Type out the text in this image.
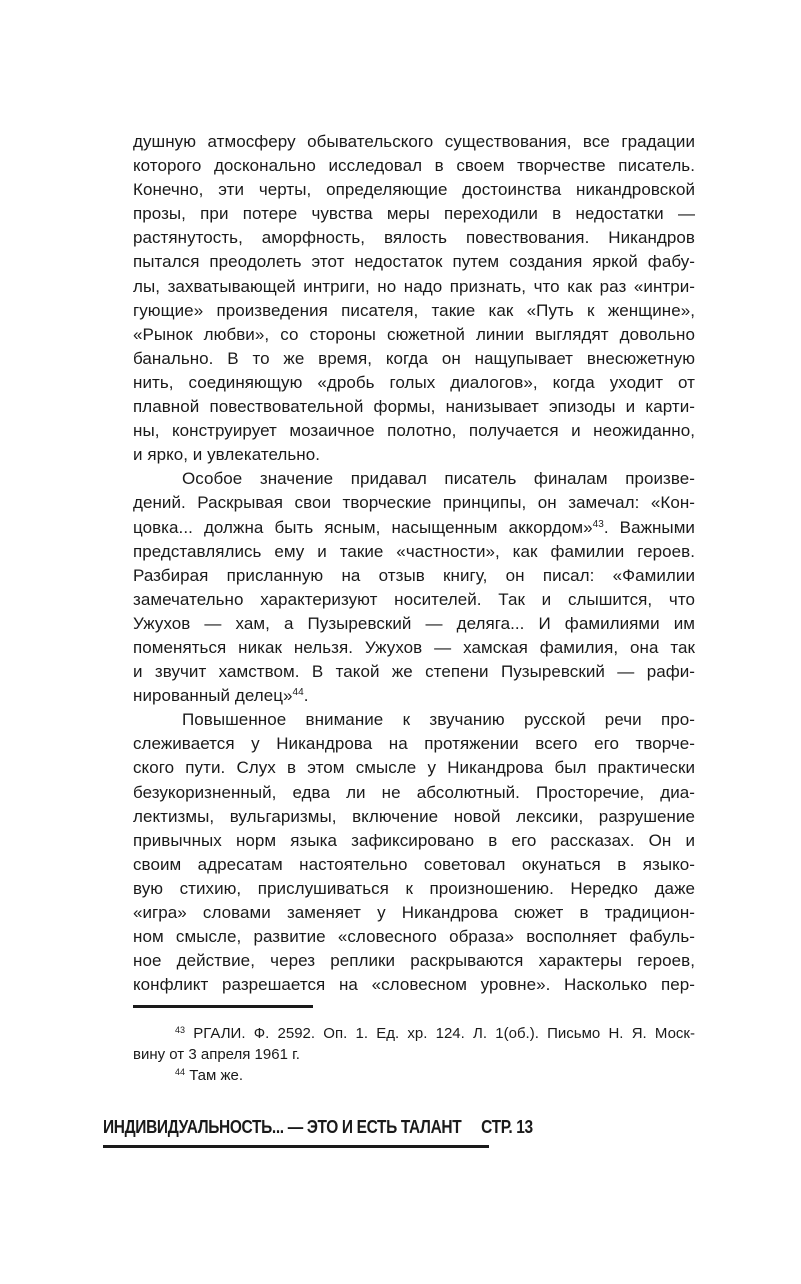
душную атмосферу обывательского существования, все градации
которого досконально исследовал в своем творчестве писатель.
Конечно, эти черты, определяющие достоинства никандровской
прозы, при потере чувства меры переходили в недостатки —
растянутость, аморфность, вялость повествования. Никандров
пытался преодолеть этот недостаток путем создания яркой фабу-
лы, захватывающей интриги, но надо признать, что как раз «интри-
гующие» произведения писателя, такие как «Путь к женщине»,
«Рынок любви», со стороны сюжетной линии выглядят довольно
банально. В то же время, когда он нащупывает внесюжетную
нить, соединяющую «дробь голых диалогов», когда уходит от
плавной повествовательной формы, нанизывает эпизоды и карти-
ны, конструирует мозаичное полотно, получается и неожиданно,
и ярко, и увлекательно.
Особое значение придавал писатель финалам произве-
дений. Раскрывая свои творческие принципы, он замечал: «Кон-
цовка... должна быть ясным, насыщенным аккордом»$^{43}$. Важными
представлялись ему и такие «частности», как фамилии героев.
Разбирая присланную на отзыв книгу, он писал: «Фамилии
замечательно характеризуют носителей. Так и слышится, что
Ужухов — хам, а Пузыревский — деляга... И фамилиями им
поменяться никак нельзя. Ужухов — хамская фамилия, она так
и звучит хамством. В такой же степени Пузыревский — рафи-
нированный делец»$^{44}$.
Повышенное внимание к звучанию русской речи про-
слеживается у Никандрова на протяжении всего его творче-
ского пути. Слух в этом смысле у Никандрова был практически
безукоризненный, едва ли не абсолютный. Просторечие, диа-
лектизмы, вульгаризмы, включение новой лексики, разрушение
привычных норм языка зафиксировано в его рассказах. Он и
своим адресатам настоятельно советовал окунаться в языко-
вую стихию, прислушиваться к произношению. Нередко даже
«игра» словами заменяет у Никандрова сюжет в традицион-
ном смысле, развитие «словесного образа» восполняет фабуль-
ное действие, через реплики раскрываются характеры героев,
конфликт разрешается на «словесном уровне». Насколько пер-
$^{43}$ РГАЛИ. Ф. 2592. Оп. 1. Ед. хр. 124. Л. 1(об.). Письмо Н. Я. Моск-
вину от 3 апреля 1961 г.
$^{44}$ Там же.
ИНДИВИДУАЛЬНОСТЬ... — ЭТО И ЕСТЬ ТАЛАНТ     СТР. 13
